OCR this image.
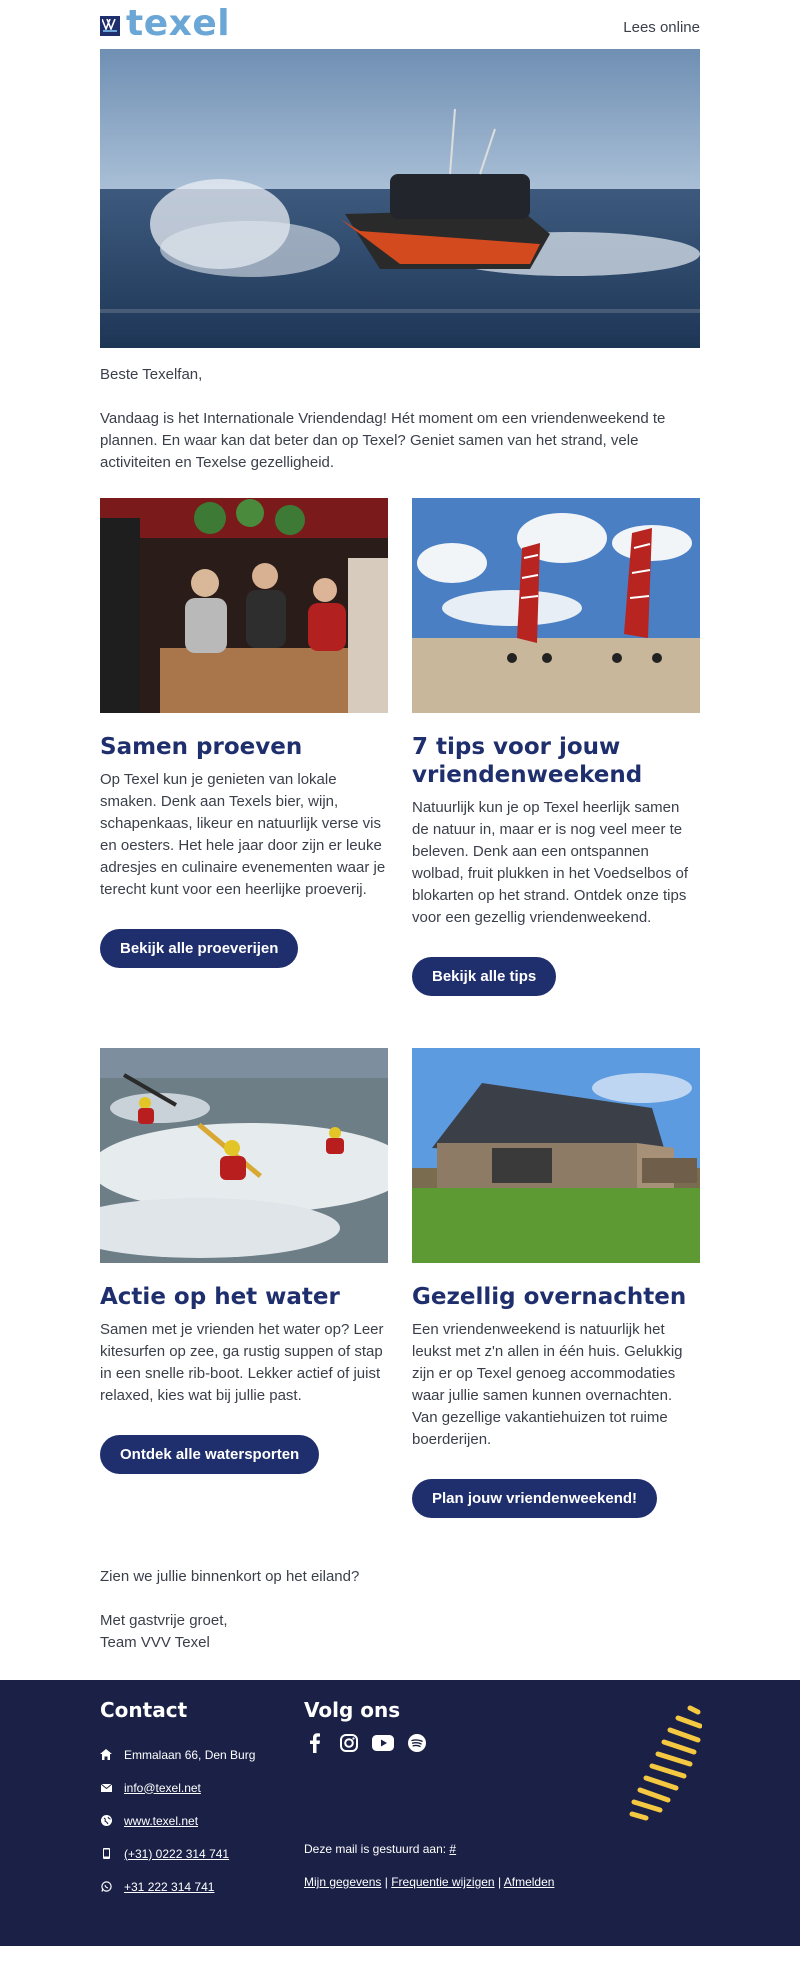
texel	Lees online

Beste Texelfan,

Vandaag is het Internationale Vriendendag! Hét moment om een vriendenweekend te plannen. En waar kan dat beter dan op Texel? Geniet samen van het strand, vele activiteiten en Texelse gezelligheid.

Samen proeven
Op Texel kun je genieten van lokale smaken. Denk aan Texels bier, wijn, schapenkaas, likeur en natuurlijk verse vis en oesters. Het hele jaar door zijn er leuke adresjes en culinaire evenementen waar je terecht kunt voor een heerlijke proeverij.
Bekijk alle proeverijen
7 tips voor jouw vriendenweekend
Natuurlijk kun je op Texel heerlijk samen de natuur in, maar er is nog veel meer te beleven. Denk aan een ontspannen wolbad, fruit plukken in het Voedselbos of blokarten op het strand. Ontdek onze tips voor een gezellig vriendenweekend.
Bekijk alle tips
Actie op het water
Samen met je vrienden het water op? Leer kitesurfen op zee, ga rustig suppen of stap in een snelle rib-boot. Lekker actief of juist relaxed, kies wat bij jullie past.
Ontdek alle watersporten
Gezellig overnachten
Een vriendenweekend is natuurlijk het leukst met z'n allen in één huis. Gelukkig zijn er op Texel genoeg accommodaties waar jullie samen kunnen overnachten. Van gezellige vakantiehuizen tot ruime boerderijen.
Plan jouw vriendenweekend!

Zien we jullie binnenkort op het eiland?

Met gastvrije groet,
Team VVV Texel

Contact
Emmalaan 66, Den Burg
info@texel.net
www.texel.net
(+31) 0222 314 741
+31 222 314 741
Volg ons
Deze mail is gestuurd aan: #
Mijn gegevens | Frequentie wijzigen | Afmelden
